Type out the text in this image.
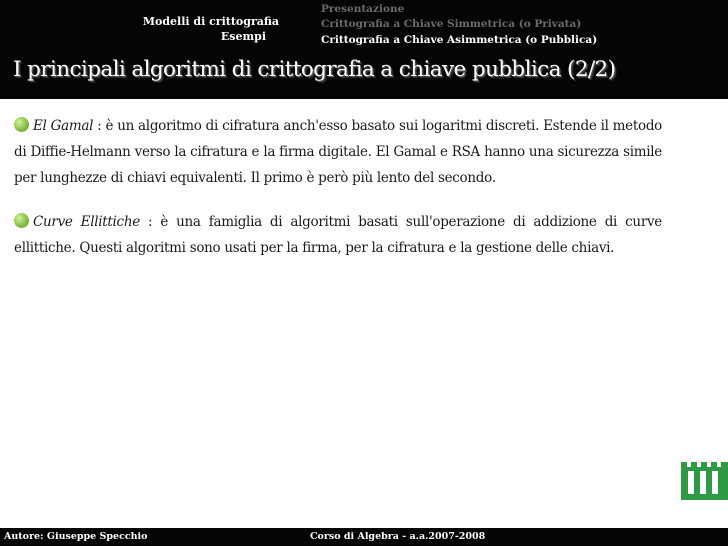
Modelli di crittografia
Esempi
Presentazione
Crittografia a Chiave Simmetrica (o Privata)
Crittografia a Chiave Asimmetrica (o Pubblica)
I principali algoritmi di crittografia a chiave pubblica (2/2)

El Gamal : è un algoritmo di cifratura anch'esso basato sui logaritmi discreti. Estende il metodo di Diffie-Helmann verso la cifratura e la firma digitale. El Gamal e RSA hanno una sicurezza simile per lunghezze di chiavi equivalenti. Il primo è però più lento del secondo.

Curve Ellittiche : è una famiglia di algoritmi basati sull'operazione di addizione di curve ellittiche. Questi algoritmi sono usati per la firma, per la cifratura e la gestione delle chiavi.

Autore: Giuseppe Specchio	Corso di Algebra - a.a.2007-2008
